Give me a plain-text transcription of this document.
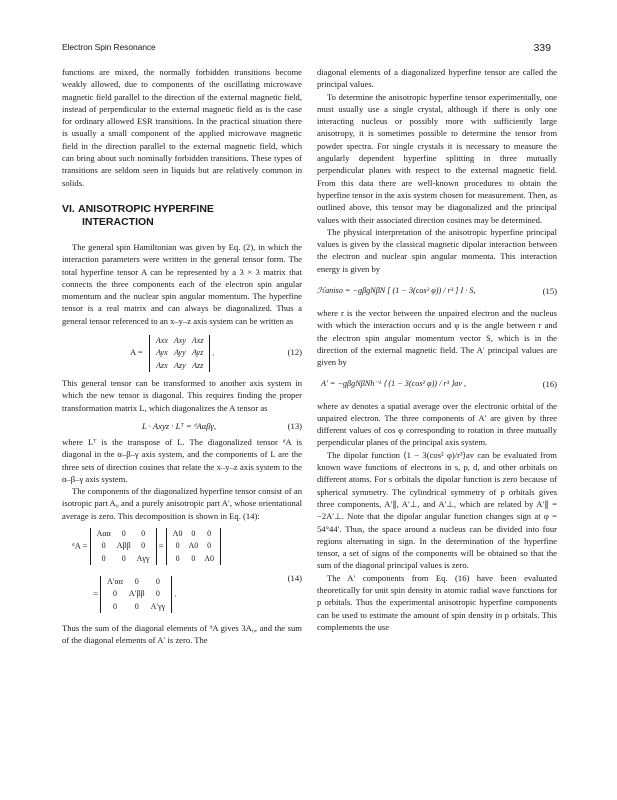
Electron Spin Resonance	339

functions are mixed, the normally forbidden transitions become weakly allowed, due to components of the oscillating microwave magnetic field parallel to the direction of the external magnetic field, instead of perpendicular to the external magnetic field as is the case for ordinary allowed ESR transitions. In the practical situation there is usually a small component of the applied microwave magnetic field in the direction parallel to the external magnetic field, which can bring about such nominally forbidden transitions. These types of transitions are seldom seen in liquids but are relatively common in solids.

VI. ANISOTROPIC HYPERFINE
INTERACTION

The general spin Hamiltonian was given by Eq. (2), in which the interaction parameters were written in the general tensor form. The total hyperfine tensor A can be represented by a 3 × 3 matrix that connects the three components each of the electron spin angular momentum and the nuclear spin angular momentum. The hyperfine tensor is a real matrix and can always be diagonalized. Thus a general tensor referenced to an x–y–z axis system can be written as

A =
Axx	Axy	Axz
Ayx	Ayy	Ayz
Azx	Azy	Azz
.	(12)

This general tensor can be transformed to another axis system in which the new tensor is diagonal. This requires finding the proper transformation matrix L, which diagonalizes the A tensor as

L · Axyz · Lᵀ = ᵈAαβγ,	(13)

where Lᵀ is the transpose of L. The diagonalized tensor ᵈA is diagonal in the α–β–γ axis system, and the components of L are the three sets of direction cosines that relate the x–y–z axis system to the α–β–γ axis system.

The components of the diagonalized hyperfine tensor consist of an isotropic part A₀ and a purely anisotropic part A′, whose orientational average is zero. This decomposition is shown in Eq. (14):

ᵈA =
Aαα	0	0
0	Aββ	0
0	0	Aγγ
=
A0	0	0
0	A0	0
0	0	A0
=
A′αα	0	0
0	A′ββ	0
0	0	A′γγ
.
(14)

Thus the sum of the diagonal elements of ᵈA gives 3A₀, and the sum of the diagonal elements of A′ is zero. The

diagonal elements of a diagonalized hyperfine tensor are called the principal values.

To determine the anisotropic hyperfine tensor experimentally, one must usually use a single crystal, although if there is only one interacting nucleus or possibly more with sufficiently large anisotropy, it is sometimes possible to determine the tensor from powder spectra. For single crystals it is necessary to measure the angularly dependent hyperfine splitting in three mutually perpendicular planes with respect to the external magnetic field. From this data there are well-known procedures to obtain the hyperfine tensor in the axis system chosen for measurement. Then, as outlined above, this tensor may be diagonalized and the principal values with their associated direction cosines may be determined.

The physical interpretation of the anisotropic hyperfine principal values is given by the classical magnetic dipolar interaction between the electron and nuclear spin angular momenta. This interaction energy is given by

ℋaniso = −gβgNβN [ (1 − 3(cos² φ)) / r³ ] I · S,	(15)

where r is the vector between the unpaired electron and the nucleus with which the interaction occurs and φ is the angle between r and the electron spin angular momentum vector S, which is in the direction of the external magnetic field. The A′ principal values are given by

A′ = −gβgNβNh⁻¹ ⟨ (1 − 3(cos² φ)) / r³ ⟩av ,	(16)

where av denotes a spatial average over the electronic orbital of the unpaired electron. The three components of A′ are given by three different values of cos φ corresponding to rotation in three mutually perpendicular planes of the principal axis system.

The dipolar function ⟨1 − 3(cos² φ)/r³⟩av can be evaluated from known wave functions of electrons in s, p, d, and other orbitals on different atoms. For s orbitals the dipolar function is zero because of spherical symmetry. The cylindrical symmetry of p orbitals gives three components, A′∥, A′⊥, and A′⊥, which are related by A′∥ = −2A′⊥. Note that the dipolar angular function changes sign at φ = 54°44′. Thus, the space around a nucleus can be divided into four regions alternating in sign. In the determination of the hyperfine tensor, a set of signs of the components will be obtained so that the sum of the diagonal principal values is zero.

The A′ components from Eq. (16) have been evaluated theoretically for unit spin density in atomic radial wave functions for p orbitals. Thus the experimental anisotropic hyperfine components can be used to estimate the amount of spin density in p orbitals. This complements the use
